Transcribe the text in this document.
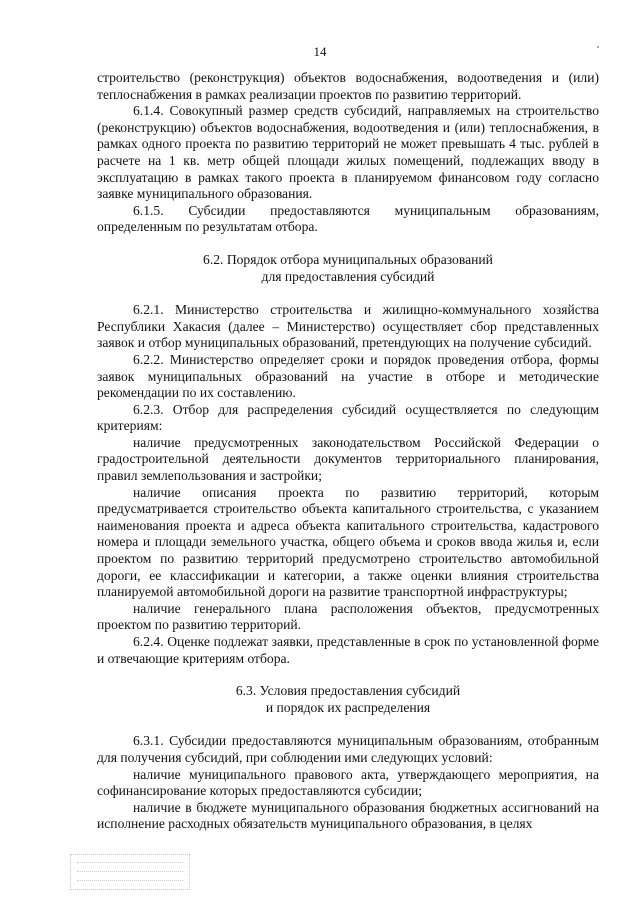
14

строительство (реконструкция) объектов водоснабжения, водоотведения и (или) теплоснабжения в рамках реализации проектов по развитию территорий.

6.1.4. Совокупный размер средств субсидий, направляемых на строительство (реконструкцию) объектов водоснабжения, водоотведения и (или) теплоснабжения, в рамках одного проекта по развитию территорий не может превышать 4 тыс. рублей в расчете на 1 кв. метр общей площади жилых помещений, подлежащих вводу в эксплуатацию в рамках такого проекта в планируемом финансовом году согласно заявке муниципального образования.

6.1.5. Субсидии предоставляются муниципальным образованиям, определенным по результатам отбора.

6.2. Порядок отбора муниципальных образований
для предоставления субсидий

6.2.1. Министерство строительства и жилищно-коммунального хозяйства Республики Хакасия (далее – Министерство) осуществляет сбор представленных заявок и отбор муниципальных образований, претендующих на получение субсидий.

6.2.2. Министерство определяет сроки и порядок проведения отбора, формы заявок муниципальных образований на участие в отборе и методические рекомендации по их составлению.

6.2.3. Отбор для распределения субсидий осуществляется по следующим критериям:

наличие предусмотренных законодательством Российской Федерации о градостроительной деятельности документов территориального планирования, правил землепользования и застройки;

наличие описания проекта по развитию территорий, которым предусматривается строительство объекта капитального строительства, с указанием наименования проекта и адреса объекта капитального строительства, кадастрового номера и площади земельного участка, общего объема и сроков ввода жилья и, если проектом по развитию территорий предусмотрено строительство автомобильной дороги, ее классификации и категории, а также оценки влияния строительства планируемой автомобильной дороги на развитие транспортной инфраструктуры;

наличие генерального плана расположения объектов, предусмотренных проектом по развитию территорий.

6.2.4. Оценке подлежат заявки, представленные в срок по установленной форме и отвечающие критериям отбора.

6.3. Условия предоставления субсидий
и порядок их распределения

6.3.1. Субсидии предоставляются муниципальным образованиям, отобранным для получения субсидий, при соблюдении ими следующих условий:

наличие муниципального правового акта, утверждающего мероприятия, на софинансирование которых предоставляются субсидии;

наличие в бюджете муниципального образования бюджетных ассигнований на исполнение расходных обязательств муниципального образования, в целях
